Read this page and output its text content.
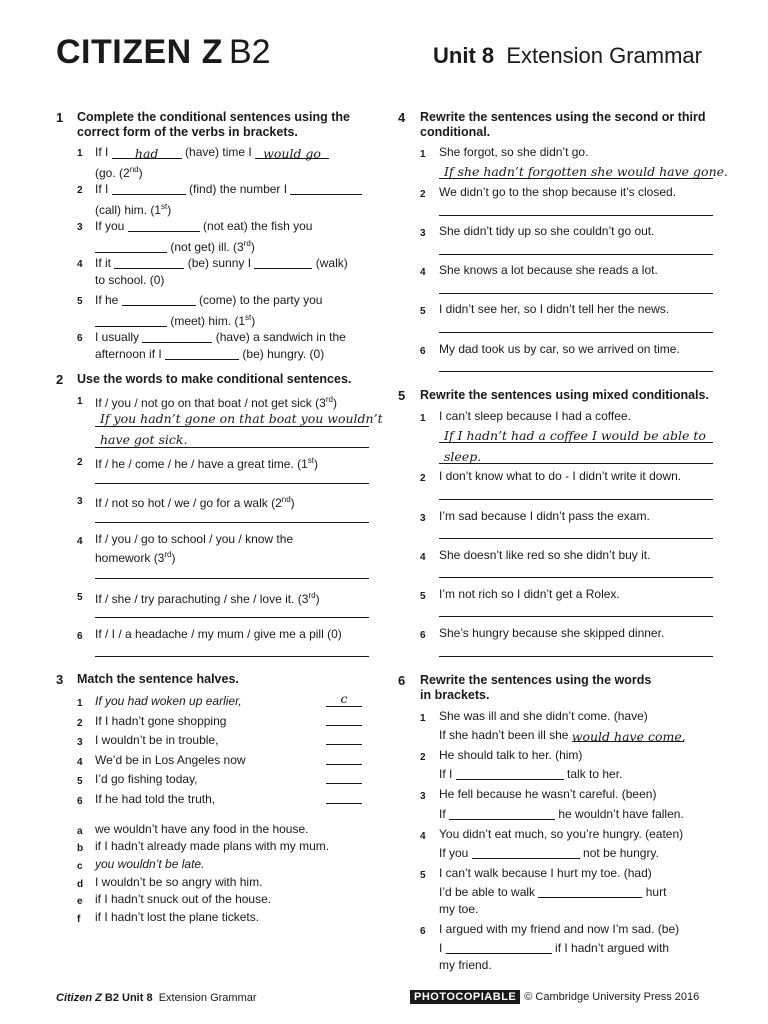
CITIZEN Z B2	Unit 8 Extension Grammar
1 Complete the conditional sentences using the
correct form of the verbs in brackets.
1 If I had (have) time I would go
(go. (2nd)
2 If I	(find) the number I
(call) him. (1st)
3 If you	(not eat) the fish you
(not get) ill. (3rd)
4 If it	(be) sunny I	(walk)
to school. (0)
5 If he	(come) to the party you
(meet) him. (1st)
6 I usually	(have) a sandwich in the
afternoon if I	(be) hungry. (0)
2 Use the words to make conditional sentences.
1 If / you / not go on that boat / not get sick (3rd)
If you hadn’t gone on that boat you wouldn’t
have got sick.
2 If / he / come / he / have a great time. (1st)
3 If / not so hot / we / go for a walk (2nd)
4 If / you / go to school / you / know the
homework (3rd)
5 If / she / try parachuting / she / love it. (3rd)
6 If / I / a headache / my mum / give me a pill (0)
3 Match the sentence halves.
1 If you had woken up earlier,	c
2 If I hadn’t gone shopping
3 I wouldn’t be in trouble,
4 We’d be in Los Angeles now
5 I’d go fishing today,
6 If he had told the truth,
a we wouldn’t have any food in the house.
b if I hadn’t already made plans with my mum.
c you wouldn’t be late.
d I wouldn’t be so angry with him.
e if I hadn’t snuck out of the house.
f if I hadn’t lost the plane tickets.
4 Rewrite the sentences using the second or third
conditional.
1 She forgot, so she didn’t go.
If she hadn’t forgotten she would have gone.
2 We didn’t go to the shop because it’s closed.
3 She didn’t tidy up so she couldn’t go out.
4 She knows a lot because she reads a lot.
5 I didn’t see her, so I didn’t tell her the news.
6 My dad took us by car, so we arrived on time.
5 Rewrite the sentences using mixed conditionals.
1 I can’t sleep because I had a coffee.
If I hadn’t had a coffee I would be able to
sleep.
2 I don’t know what to do - I didn’t write it down.
3 I’m sad because I didn’t pass the exam.
4 She doesn’t like red so she didn’t buy it.
5 I’m not rich so I didn’t get a Rolex.
6 She’s hungry because she skipped dinner.
6 Rewrite the sentences using the words
in brackets.
1 She was ill and she didn’t come. (have)
If she hadn’t been ill she would have come.
2 He should talk to her. (him)
If I	talk to her.
3 He fell because he wasn’t careful. (been)
If	he wouldn’t have fallen.
4 You didn’t eat much, so you’re hungry. (eaten)
If you	not be hungry.
5 I can’t walk because I hurt my toe. (had)
I’d be able to walk	hurt
my toe.
6 I argued with my friend and now I’m sad. (be)
I	if I hadn’t argued with
my friend.
Citizen Z B2 Unit 8 Extension Grammar	PHOTOCOPIABLE © Cambridge University Press 2016
